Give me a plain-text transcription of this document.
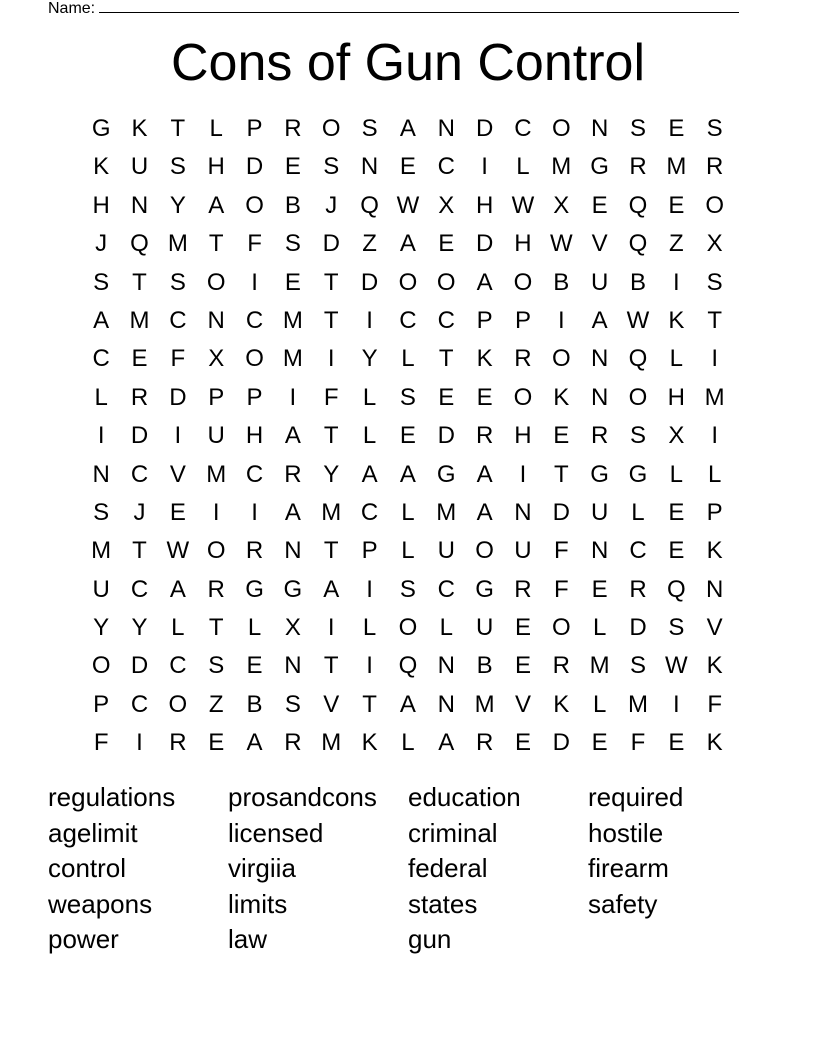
Name:
Cons of Gun Control
G K T L P R O S A N D C O N S E S
K U S H D E S N E C I L M G R M R
H N Y A O B J Q W X H W X E Q E O
J Q M T F S D Z A E D H W V Q Z X
S T S O I E T D O O A O B U B I S
A M C N C M T I C C P P I A W K T
C E F X O M I Y L T K R O N Q L I
L R D P P I F L S E E O K N O H M
I D I U H A T L E D R H E R S X I
N C V M C R Y A A G A I T G G L L
S J E I I A M C L M A N D U L E P
M T W O R N T P L U O U F N C E K
U C A R G G A I S C G R F E R Q N
Y Y L T L X I L O L U E O L D S V
O D C S E N T I Q N B E R M S W K
P C O Z B S V T A N M V K L M I F
F I R E A R M K L A R E D E F E K
regulations prosandcons education	required
agelimit	licensed	criminal	hostile
control	virgiia	federal	firearm
weapons	limits	states	safety
power	law	gun
